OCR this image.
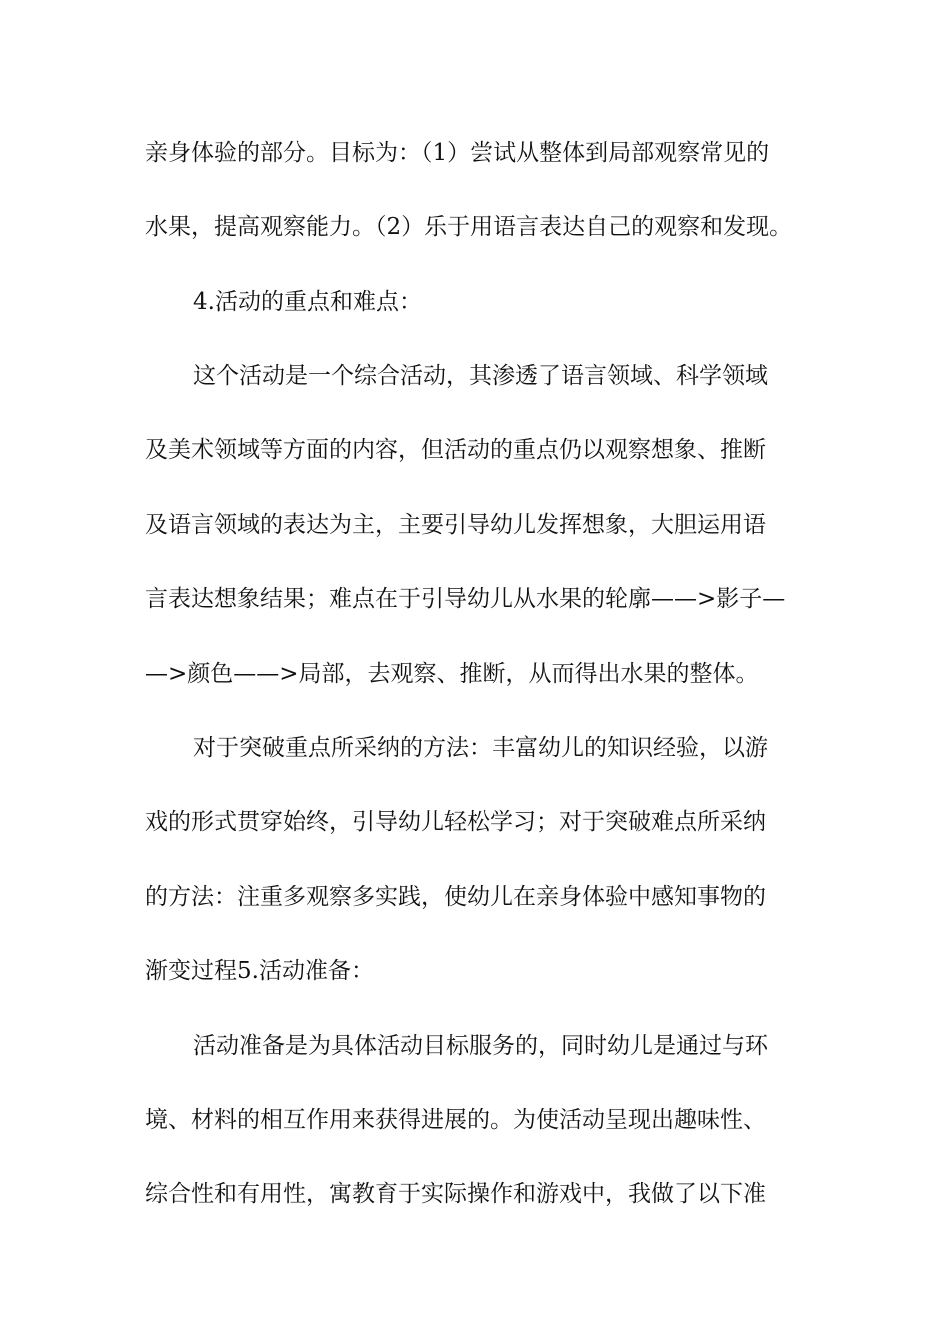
亲身体验的部分。目标为：（1）尝试从整体到局部观察常见的
水果，提高观察能力。（2）乐于用语言表达自己的观察和发现。
4.活动的重点和难点：
这个活动是一个综合活动，其渗透了语言领域、科学领域
及美术领域等方面的内容，但活动的重点仍以观察想象、推断
及语言领域的表达为主，主要引导幼儿发挥想象，大胆运用语
言表达想象结果；难点在于引导幼儿从水果的轮廓——>影子—
—>颜色——>局部，去观察、推断，从而得出水果的整体。
对于突破重点所采纳的方法：丰富幼儿的知识经验，以游
戏的形式贯穿始终，引导幼儿轻松学习；对于突破难点所采纳
的方法：注重多观察多实践，使幼儿在亲身体验中感知事物的
渐变过程5.活动准备：
活动准备是为具体活动目标服务的，同时幼儿是通过与环
境、材料的相互作用来获得进展的。为使活动呈现出趣味性、
综合性和有用性，寓教育于实际操作和游戏中，我做了以下准
